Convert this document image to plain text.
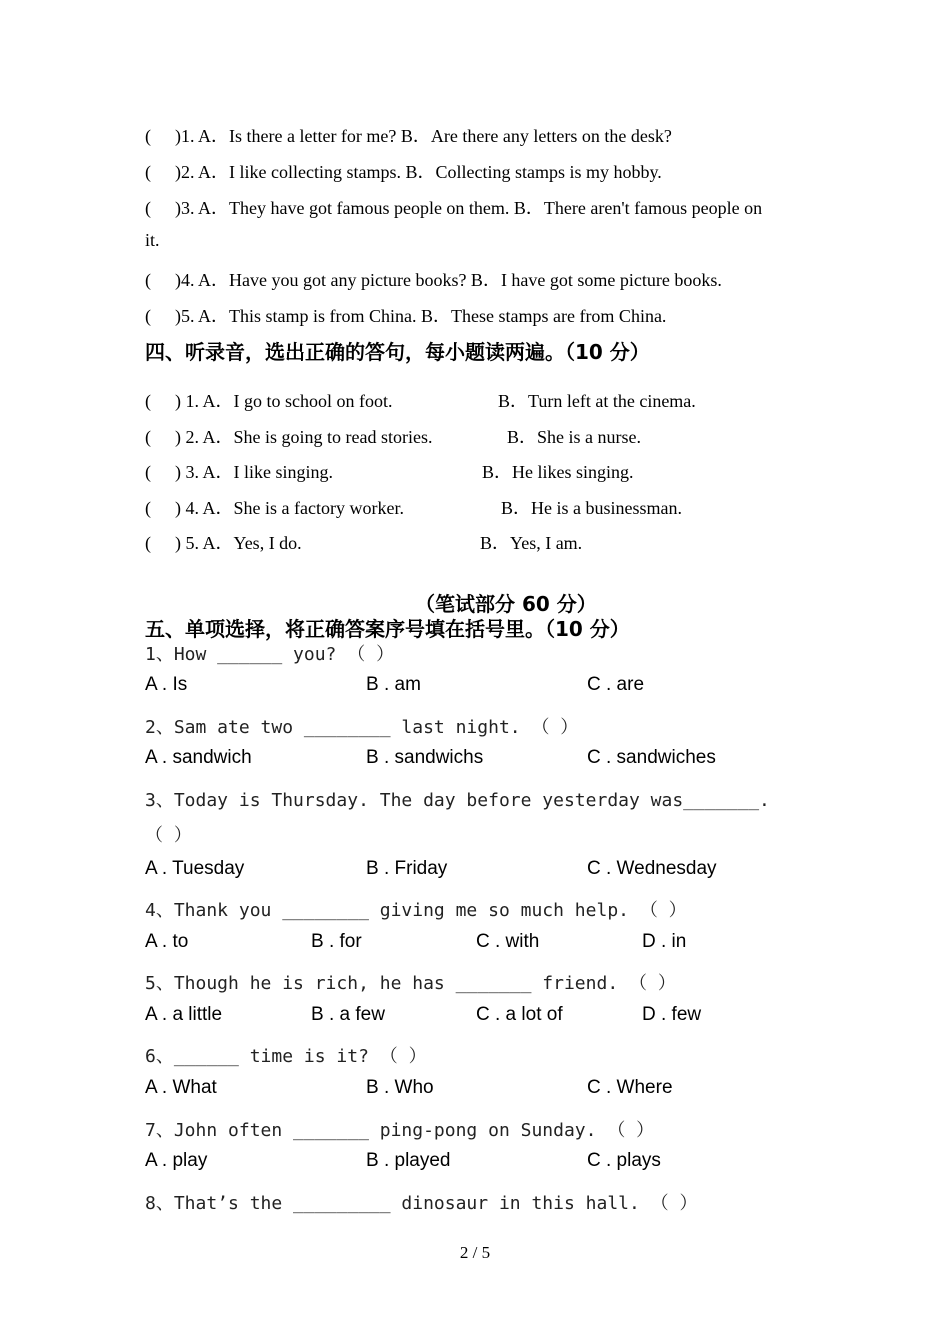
( )1. A．Is there a letter for me? B．Are there any letters on the desk?
( )2. A．I like collecting stamps. B．Collecting stamps is my hobby.
( )3. A．They have got famous people on them. B．There aren't famous people on
it.
( )4. A．Have you got any picture books? B．I have got some picture books.
( )5. A．This stamp is from China. B．These stamps are from China.
四、听录音，选出正确的答句，每小题读两遍。（10 分）
( ) 1. A．I go to school on foot.	B．Turn left at the cinema.
( ) 2. A．She is going to read stories.	B．She is a nurse.
( ) 3. A．I like singing.	B．He likes singing.
( ) 4. A．She is a factory worker.	B．He is a businessman.
( ) 5. A．Yes, I do.	B．Yes, I am.
（笔试部分 60 分）
五、单项选择，将正确答案序号填在括号里。（10 分）
1、How ______ you? （ ）
A . Is	B . am	C . are
2、Sam ate two ________ last night. （ ）
A . sandwich	B . sandwichs	C . sandwiches
3、Today is Thursday. The day before yesterday was_______.
（ ）
A . Tuesday	B . Friday	C . Wednesday
4、Thank you ________ giving me so much help. （ ）
A . to	B . for	C . with	D . in
5、Though he is rich, he has _______ friend. （ ）
A . a little	B . a few	C . a lot of	D . few
6、______ time is it? （ ）
A . What	B . Who	C . Where
7、John often _______ ping-pong on Sunday. （ ）
A . play	B . played	C . plays
8、That’s the _________ dinosaur in this hall. （ ）
2 / 5
